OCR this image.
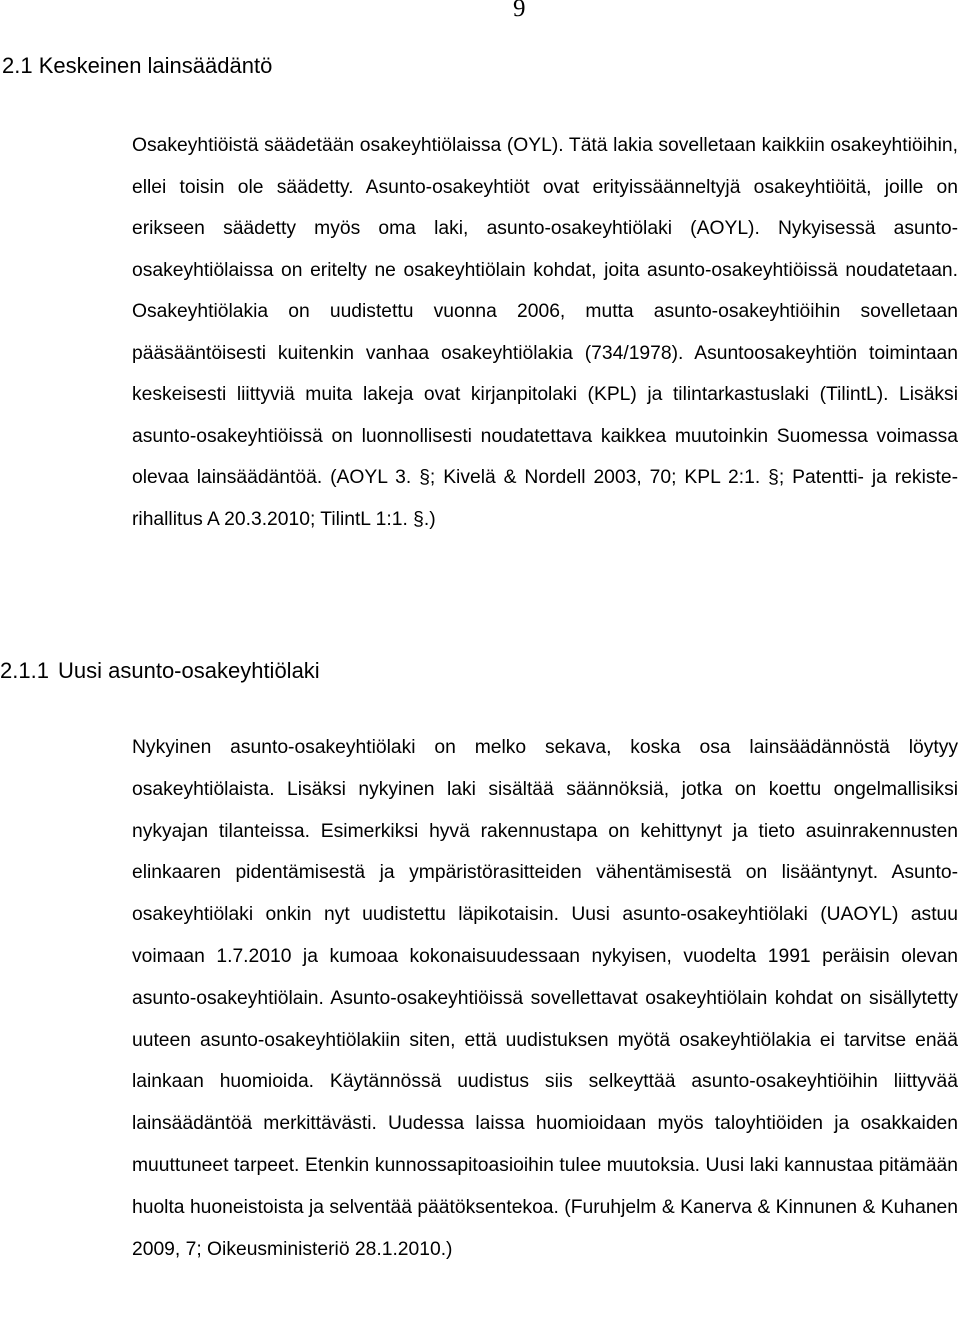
9
2.1 Keskeinen lainsäädäntö

Osakeyhtiöistä säädetään osakeyhtiölaissa (OYL). Tätä lakia sovelletaan kaikkiin osakeyhtiöihin, ellei toisin ole säädetty. Asunto-osakeyhtiöt ovat erityissäänneltyjä osakeyhtiöitä, joille on erikseen säädetty myös oma laki, asunto-osakeyhtiölaki (AOYL). Nykyisessä asunto-osakeyhtiölaissa on eritelty ne osakeyhtiölain kohdat, joita asunto-osakeyhtiöissä noudatetaan. Osakeyhtiölakia on uudistettu vuonna 2006, mutta asunto-osakeyhtiöihin sovelletaan pääsääntöisesti kuitenkin vanhaa osakeyhtiölakia (734/1978). Asuntoosakeyhtiön toimintaan keskeisesti liittyviä muita lakeja ovat kirjanpitolaki (KPL) ja tilintarkastuslaki (TilintL). Lisäksi asunto-osakeyhtiöissä on luonnollisesti noudatettava kaikkea muutoinkin Suomessa voimassa olevaa lainsäädäntöä. (AOYL 3. §; Kivelä & Nordell 2003, 70; KPL 2:1. §; Patentti- ja rekisterihallitus A 20.3.2010; TilintL 1:1. §.)

2.1.1 Uusi asunto-osakeyhtiölaki

Nykyinen asunto-osakeyhtiölaki on melko sekava, koska osa lainsäädännöstä löytyy osakeyhtiölaista. Lisäksi nykyinen laki sisältää säännöksiä, jotka on koettu ongelmallisiksi nykyajan tilanteissa. Esimerkiksi hyvä rakennustapa on kehittynyt ja tieto asuinrakennusten elinkaaren pidentämisestä ja ympäristörasitteiden vähentämisestä on lisääntynyt. Asunto-osakeyhtiölaki onkin nyt uudistettu läpikotaisin. Uusi asunto-osakeyhtiölaki (UAOYL) astuu voimaan 1.7.2010 ja kumoaa kokonaisuudessaan nykyisen, vuodelta 1991 peräisin olevan asunto-osakeyhtiölain. Asunto-osakeyhtiöissä sovellettavat osakeyhtiölain kohdat on sisällytetty uuteen asunto-osakeyhtiölakiin siten, että uudistuksen myötä osakeyhtiölakia ei tarvitse enää lainkaan huomioida. Käytännössä uudistus siis selkeyttää asunto-osakeyhtiöihin liittyvää lainsäädäntöä merkittävästi. Uudessa laissa huomioidaan myös taloyhtiöiden ja osakkaiden muuttuneet tarpeet. Etenkin kunnossapitoasioihin tulee muutoksia. Uusi laki kannustaa pitämään huolta huoneistoista ja selventää päätöksentekoa. (Furuhjelm & Kanerva & Kinnunen & Kuhanen 2009, 7; Oikeusministeriö 28.1.2010.)
